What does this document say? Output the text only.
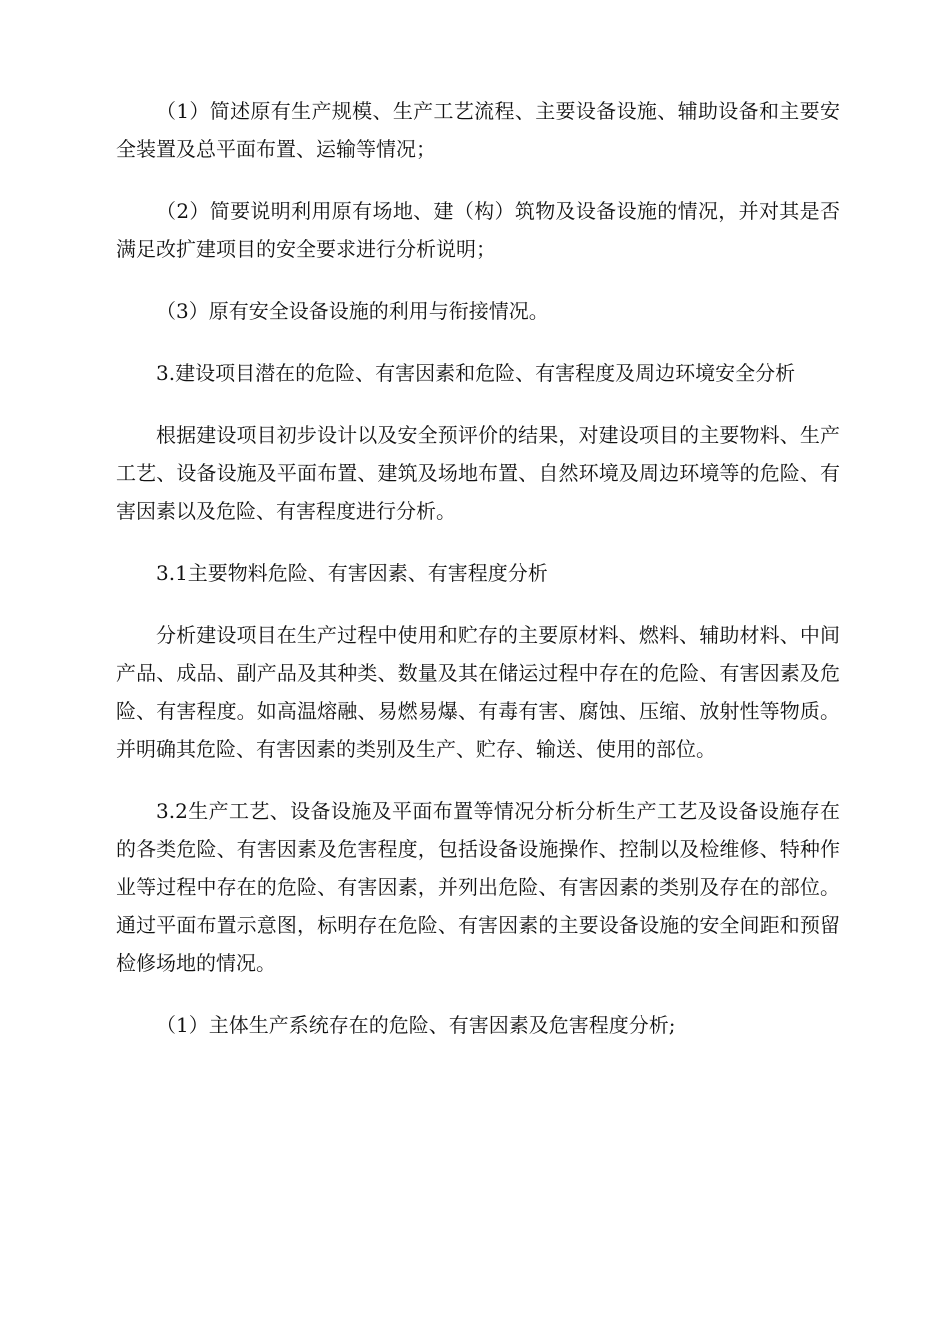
（1）简述原有生产规模、生产工艺流程、主要设备设施、辅助设备和主要安全装置及总平面布置、运输等情况；

（2）简要说明利用原有场地、建（构）筑物及设备设施的情况，并对其是否满足改扩建项目的安全要求进行分析说明；

（3）原有安全设备设施的利用与衔接情况。

3.建设项目潜在的危险、有害因素和危险、有害程度及周边环境安全分析

根据建设项目初步设计以及安全预评价的结果，对建设项目的主要物料、生产工艺、设备设施及平面布置、建筑及场地布置、自然环境及周边环境等的危险、有害因素以及危险、有害程度进行分析。

3.1主要物料危险、有害因素、有害程度分析

分析建设项目在生产过程中使用和贮存的主要原材料、燃料、辅助材料、中间产品、成品、副产品及其种类、数量及其在储运过程中存在的危险、有害因素及危险、有害程度。如高温熔融、易燃易爆、有毒有害、腐蚀、压缩、放射性等物质。并明确其危险、有害因素的类别及生产、贮存、输送、使用的部位。

3.2生产工艺、设备设施及平面布置等情况分析分析生产工艺及设备设施存在的各类危险、有害因素及危害程度，包括设备设施操作、控制以及检维修、特种作业等过程中存在的危险、有害因素，并列出危险、有害因素的类别及存在的部位。通过平面布置示意图，标明存在危险、有害因素的主要设备设施的安全间距和预留检修场地的情况。

（1）主体生产系统存在的危险、有害因素及危害程度分析;
